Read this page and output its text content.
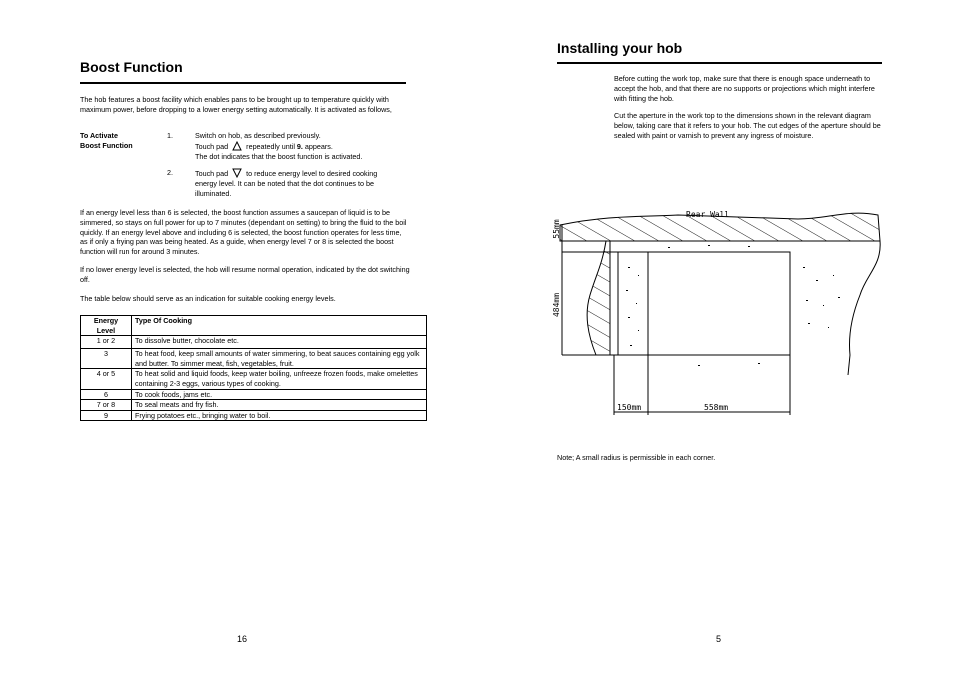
Boost Function
The hob features a boost facility which enables pans to be brought up to temperature quickly with maximum power, before dropping to a lower energy setting automatically. It is activated as follows,
To Activate
Boost Function
1.	Switch on hob, as described previously.
Touch pad	repeatedly until 9. appears.
The dot indicates that the boost function is activated.
2.	Touch pad	to reduce energy level to desired cooking
energy level. It can be noted that the dot continues to be
illuminated.
If an energy level less than 6 is selected, the boost function assumes a saucepan of liquid is to be simmered, so stays on full power for up to 7 minutes (dependant on setting) to bring the fluid to the boil quickly. If an energy level above and including 6 is selected, the boost function operates for less time, as if only a frying pan was being heated. As a guide, when energy level 7 or 8 is selected the boost function will run for around 3 minutes.
If no lower energy level is selected, the hob will resume normal operation, indicated by the dot switching off.
The table below should serve as an indication for suitable cooking energy levels.
Energy Level	Type Of Cooking
1 or 2	To dissolve butter, chocolate etc.
3	To heat food, keep small amounts of water simmering, to beat sauces containing egg yolk and butter. To simmer meat, fish, vegetables, fruit.
4 or 5	To heat solid and liquid foods, keep water boiling, unfreeze frozen foods, make omelettes containing 2-3 eggs, various types of cooking.
6	To cook foods, jams etc.
7 or 8	To seal meats and fry fish.
9	Frying potatoes etc., bringing water to boil.
16
Installing your hob
Before cutting the work top, make sure that there is enough space underneath to accept the hob, and that there are no supports or projections which might interfere with fitting the hob.
Cut the aperture in the work top to the dimensions shown in the relevant diagram below, taking care that it refers to your hob. The cut edges of the aperture should be sealed with paint or varnish to prevent any ingress of moisture.
55mm
484mm
Rear Wall
150mm	558mm
Note; A small radius is permissible in each corner.
5
